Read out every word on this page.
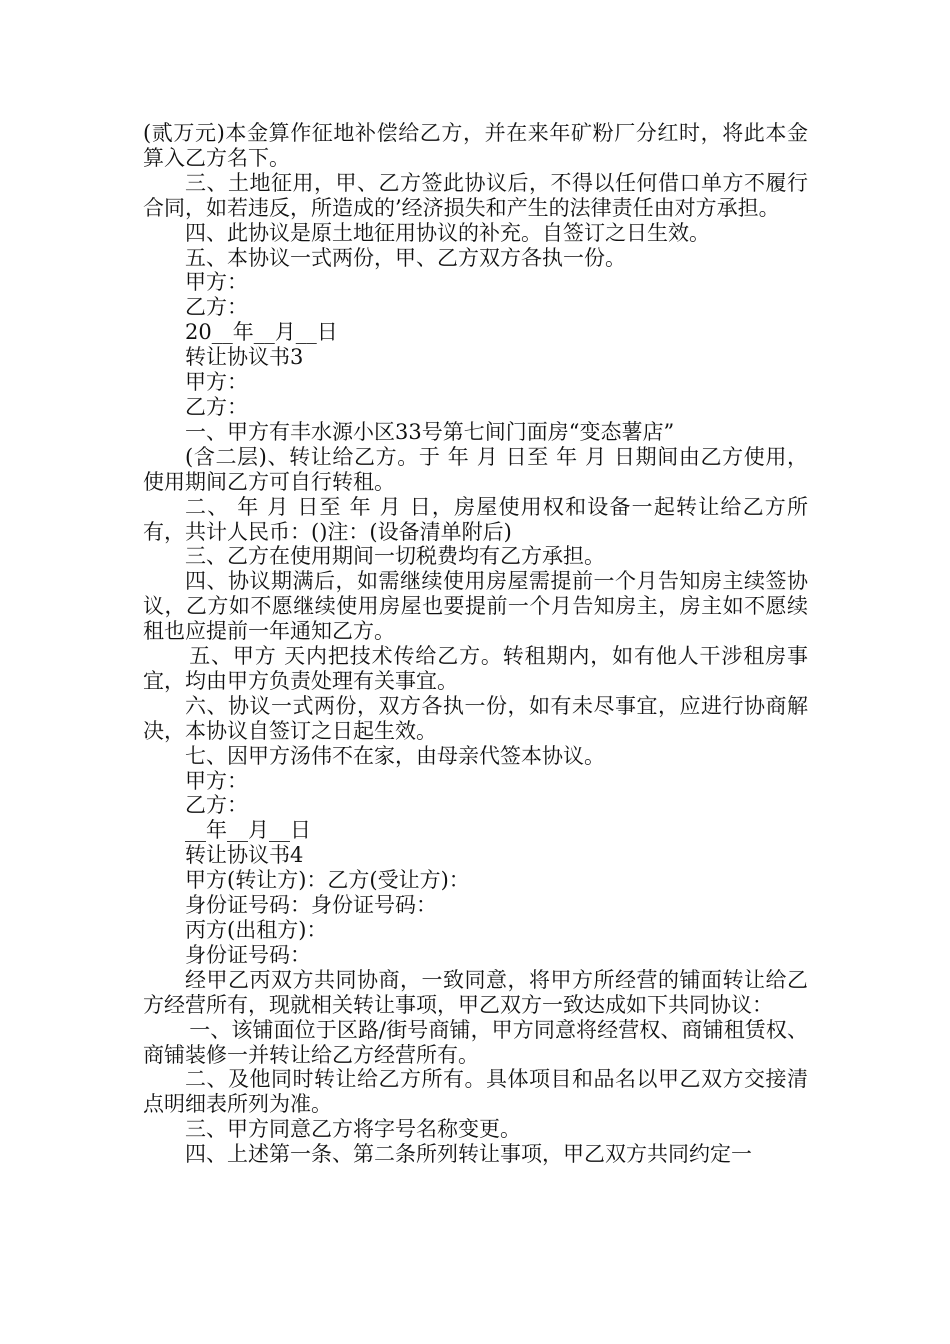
(贰万元)本金算作征地补偿给乙方，并在来年矿粉厂分红时，将此本金算入乙方名下。

三、土地征用，甲、乙方签此协议后，不得以任何借口单方不履行合同，如若违反，所造成的’经济损失和产生的法律责任由对方承担。

四、此协议是原土地征用协议的补充。自签订之日生效。

五、本协议一式两份，甲、乙方双方各执一份。

甲方：

乙方：

20__年__月__日

转让协议书3

甲方：

乙方：

一、甲方有丰水源小区33号第七间门面房“变态薯店”

(含二层)、转让给乙方。于 年 月 日至 年 月 日期间由乙方使用，使用期间乙方可自行转租。

二、 年 月 日至 年 月 日，房屋使用权和设备一起转让给乙方所有，共计人民币：()注：(设备清单附后)

三、乙方在使用期间一切税费均有乙方承担。

四、协议期满后，如需继续使用房屋需提前一个月告知房主续签协议，乙方如不愿继续使用房屋也要提前一个月告知房主，房主如不愿续租也应提前一年通知乙方。

五、甲方 天内把技术传给乙方。转租期内，如有他人干涉租房事宜，均由甲方负责处理有关事宜。

六、协议一式两份，双方各执一份，如有未尽事宜，应进行协商解决，本协议自签订之日起生效。

七、因甲方汤伟不在家，由母亲代签本协议。

甲方：

乙方：

__年__月__日

转让协议书4

甲方(转让方)：乙方(受让方)：

身份证号码：身份证号码：

丙方(出租方)：

身份证号码：

经甲乙丙双方共同协商，一致同意，将甲方所经营的铺面转让给乙方经营所有，现就相关转让事项，甲乙双方一致达成如下共同协议：

一、该铺面位于区路/街号商铺，甲方同意将经营权、商铺租赁权、商铺装修一并转让给乙方经营所有。

二、及他同时转让给乙方所有。具体项目和品名以甲乙双方交接清点明细表所列为准。

三、甲方同意乙方将字号名称变更。

四、上述第一条、第二条所列转让事项，甲乙双方共同约定一
